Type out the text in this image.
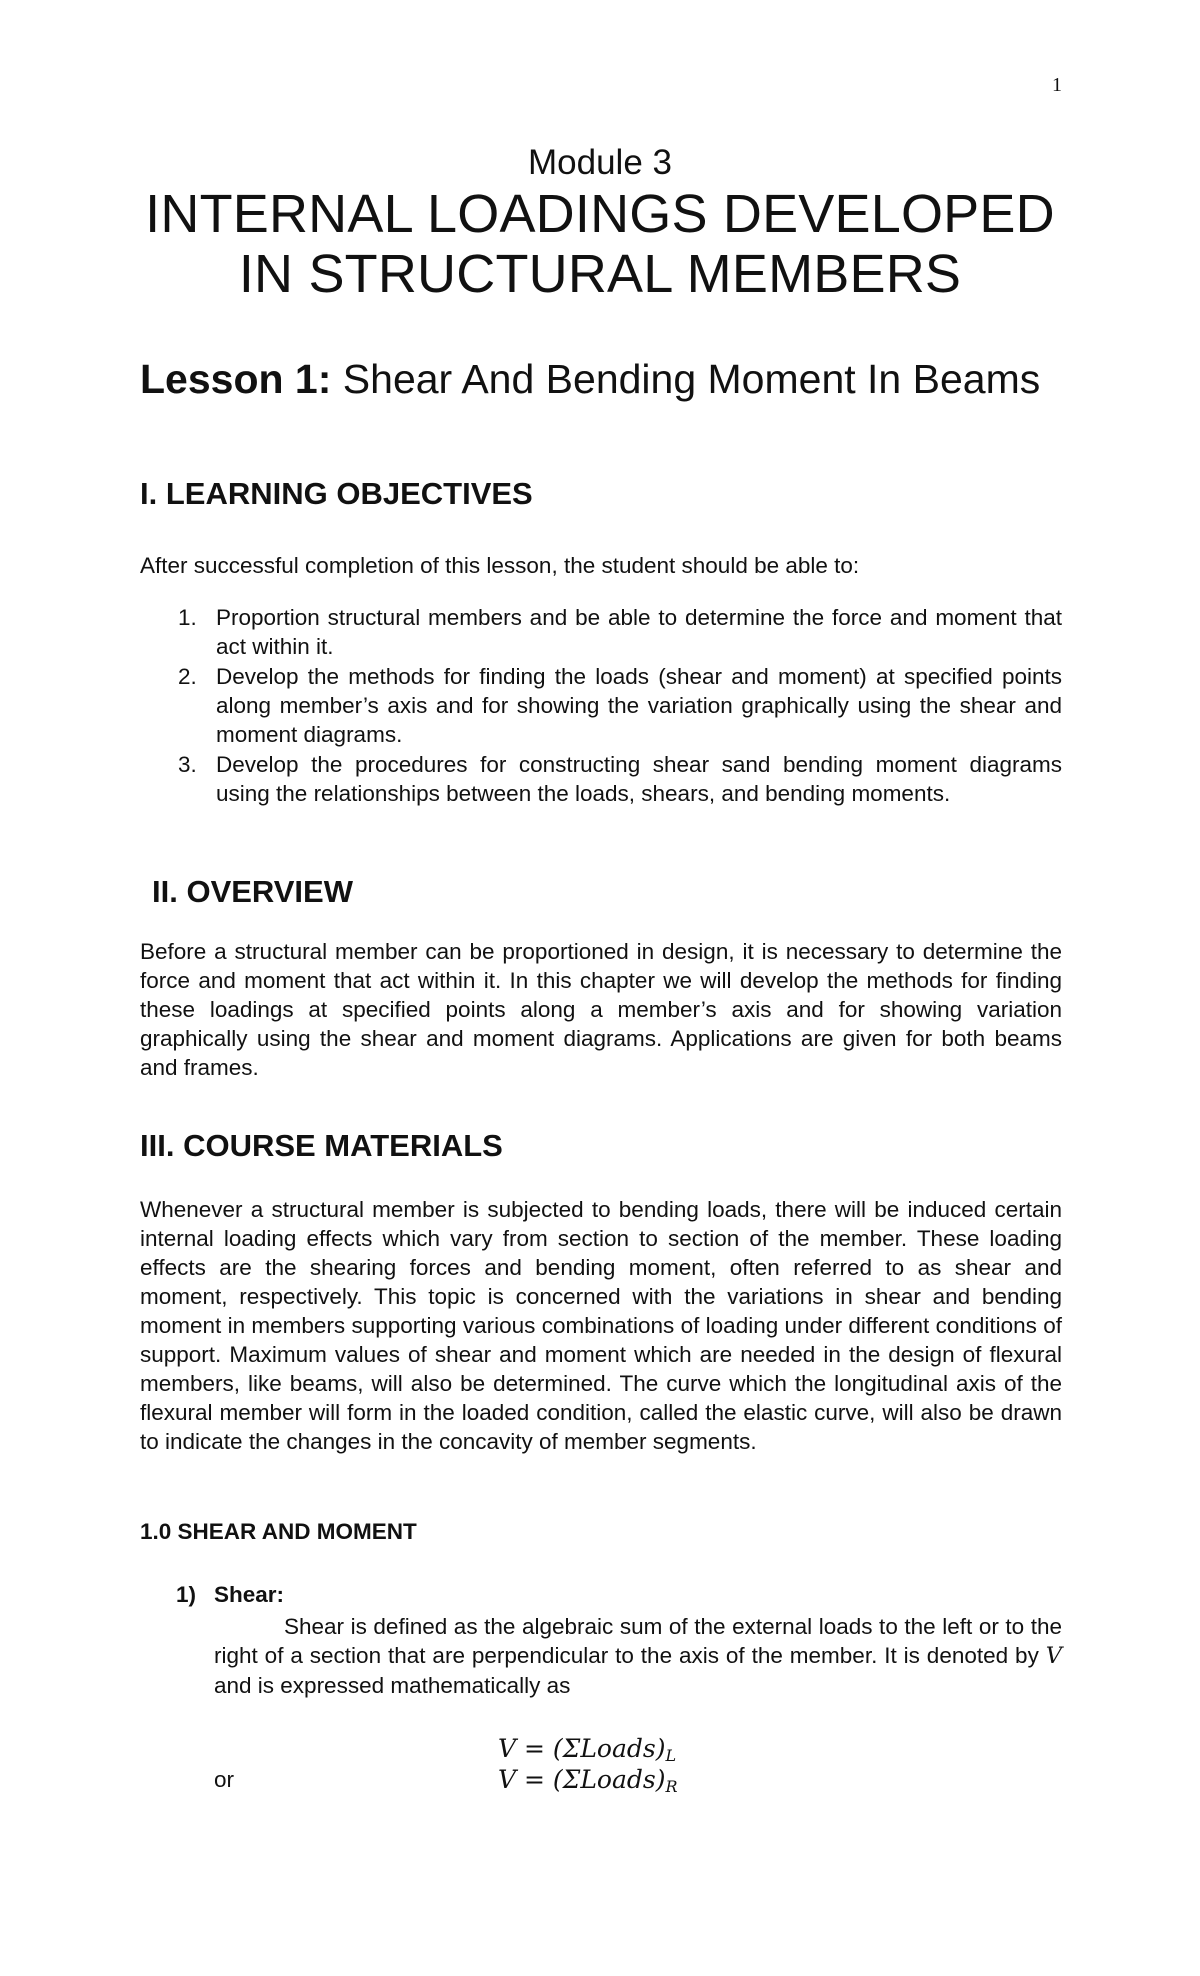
1
Module 3
INTERNAL LOADINGS DEVELOPED
IN STRUCTURAL MEMBERS
Lesson 1: Shear And Bending Moment In Beams
I. LEARNING OBJECTIVES
After successful completion of this lesson, the student should be able to:
1. Proportion structural members and be able to determine the force and moment that act within it.
2. Develop the methods for finding the loads (shear and moment) at specified points along member’s axis and for showing the variation graphically using the shear and moment diagrams.
3. Develop the procedures for constructing shear sand bending moment diagrams using the relationships between the loads, shears, and bending moments.
II. OVERVIEW
Before a structural member can be proportioned in design, it is necessary to determine the force and moment that act within it. In this chapter we will develop the methods for finding these loadings at specified points along a member’s axis and for showing variation graphically using the shear and moment diagrams. Applications are given for both beams and frames.
III. COURSE MATERIALS
Whenever a structural member is subjected to bending loads, there will be induced certain internal loading effects which vary from section to section of the member. These loading effects are the shearing forces and bending moment, often referred to as shear and moment, respectively. This topic is concerned with the variations in shear and bending moment in members supporting various combinations of loading under different conditions of support. Maximum values of shear and moment which are needed in the design of flexural members, like beams, will also be determined. The curve which the longitudinal axis of the flexural member will form in the loaded condition, called the elastic curve, will also be drawn to indicate the changes in the concavity of member segments.
1.0 SHEAR AND MOMENT
1) Shear:
Shear is defined as the algebraic sum of the external loads to the left or to the right of a section that are perpendicular to the axis of the member. It is denoted by V and is expressed mathematically as
$V = (\Sigma Loads)_L$
or	$V = (\Sigma Loads)_R$
